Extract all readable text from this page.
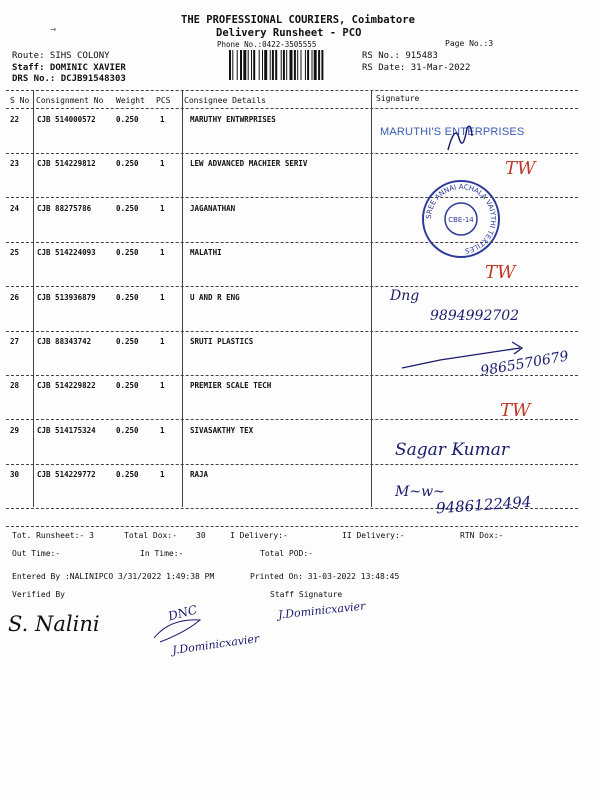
THE PROFESSIONAL COURIERS, Coimbatore
Delivery Runsheet - PCO
Phone No.:0422-3505555	Page No.:3
Route: SIHS COLONY
Staff: DOMINIC XAVIER
DRS No.: DCJB91548303
RS No.: 915483
RS Date: 31-Mar-2022
→
S No Consignment No Weight PCS Consignee Details	Signature
22 CJB 514000572	0.250	1	MARUTHY ENTWRPRISES
23 CJB 514229812	0.250	1	LEW ADVANCED MACHIER SERIV
24 CJB 88275786	0.250	1	JAGANATHAN
25 CJB 514224093	0.250	1	MALATHI
26 CJB 513936879	0.250	1	U AND R ENG
27 CJB 88343742	0.250	1	SRUTI PLASTICS
28 CJB 514229822	0.250	1	PREMIER SCALE TECH
29 CJB 514175324	0.250	1	SIVASAKTHY TEX
30 CJB 514229772	0.250	1	RAJA
MARUTHI'S ENTERPRISES
TW
SREE ANNAI ACHALA VAIYTHI TEXTILES
CBE-14
TW
Dng
9894992702
9865570679
TW
Sagar Kumar
M~w~
9486122494
Tot. Runsheet:- 3	Total Dox:- 30	I Delivery:-	II Delivery:-	RTN Dox:-
Out Time:-	In Time:-	Total POD:-
Entered By :NALINIPCO 3/31/2022 1:49:38 PM	Printed On: 31-03-2022 13:48:45
Verified By	Staff Signature
S. Nalini	DNC
J.Dominicxavier
J.Dominicxavier
